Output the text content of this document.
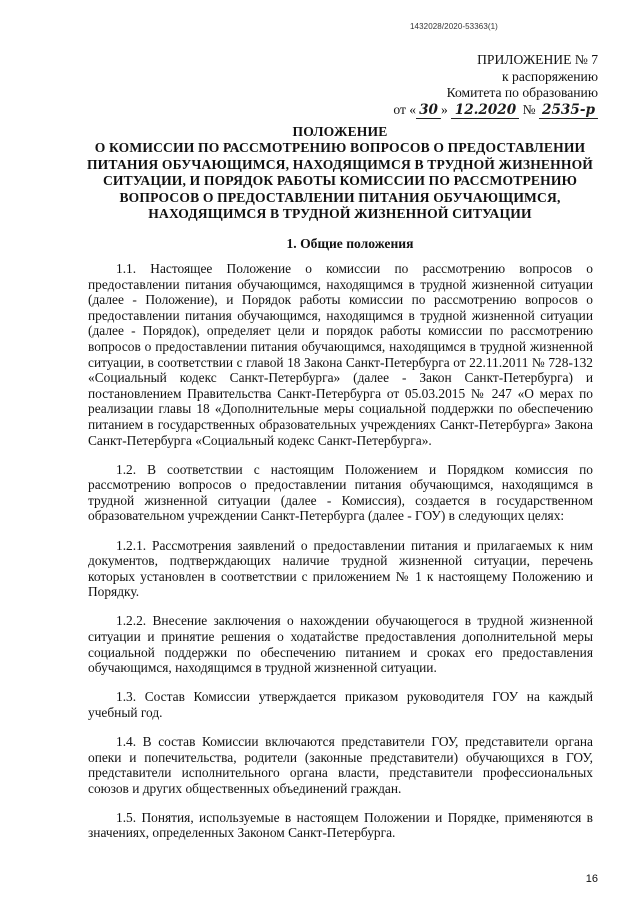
1432028/2020-53363(1)
ПРИЛОЖЕНИЕ № 7
к распоряжению
Комитета по образованию
от « 30 » 12.2020 № 2535-р
ПОЛОЖЕНИЕ
О КОМИССИИ ПО РАССМОТРЕНИЮ ВОПРОСОВ О ПРЕДОСТАВЛЕНИИ
ПИТАНИЯ ОБУЧАЮЩИМСЯ, НАХОДЯЩИМСЯ В ТРУДНОЙ ЖИЗНЕННОЙ
СИТУАЦИИ, И ПОРЯДОК РАБОТЫ КОМИССИИ ПО РАССМОТРЕНИЮ
ВОПРОСОВ О ПРЕДОСТАВЛЕНИИ ПИТАНИЯ ОБУЧАЮЩИМСЯ,
НАХОДЯЩИМСЯ В ТРУДНОЙ ЖИЗНЕННОЙ СИТУАЦИИ
1. Общие положения

1.1. Настоящее Положение о комиссии по рассмотрению вопросов о предоставлении питания обучающимся, находящимся в трудной жизненной ситуации (далее - Положение), и Порядок работы комиссии по рассмотрению вопросов о предоставлении питания обучающимся, находящимся в трудной жизненной ситуации (далее - Порядок), определяет цели и порядок работы комиссии по рассмотрению вопросов о предоставлении питания обучающимся, находящимся в трудной жизненной ситуации, в соответствии с главой 18 Закона Санкт-Петербурга от 22.11.2011 № 728-132 «Социальный кодекс Санкт-Петербурга» (далее - Закон Санкт-Петербурга) и постановлением Правительства Санкт-Петербурга от 05.03.2015 № 247 «О мерах по реализации главы 18 «Дополнительные меры социальной поддержки по обеспечению питанием в государственных образовательных учреждениях Санкт-Петербурга» Закона Санкт-Петербурга «Социальный кодекс Санкт-Петербурга».

1.2. В соответствии с настоящим Положением и Порядком комиссия по рассмотрению вопросов о предоставлении питания обучающимся, находящимся в трудной жизненной ситуации (далее - Комиссия), создается в государственном образовательном учреждении Санкт-Петербурга (далее - ГОУ) в следующих целях:

1.2.1. Рассмотрения заявлений о предоставлении питания и прилагаемых к ним документов, подтверждающих наличие трудной жизненной ситуации, перечень которых установлен в соответствии с приложением № 1 к настоящему Положению и Порядку.

1.2.2. Внесение заключения о нахождении обучающегося в трудной жизненной ситуации и принятие решения о ходатайстве предоставления дополнительной меры социальной поддержки по обеспечению питанием и сроках его предоставления обучающимся, находящимся в трудной жизненной ситуации.

1.3. Состав Комиссии утверждается приказом руководителя ГОУ на каждый учебный год.

1.4. В состав Комиссии включаются представители ГОУ, представители органа опеки и попечительства, родители (законные представители) обучающихся в ГОУ, представители исполнительного органа власти, представители профессиональных союзов и других общественных объединений граждан.

1.5. Понятия, используемые в настоящем Положении и Порядке, применяются в значениях, определенных Законом Санкт-Петербурга.

16
